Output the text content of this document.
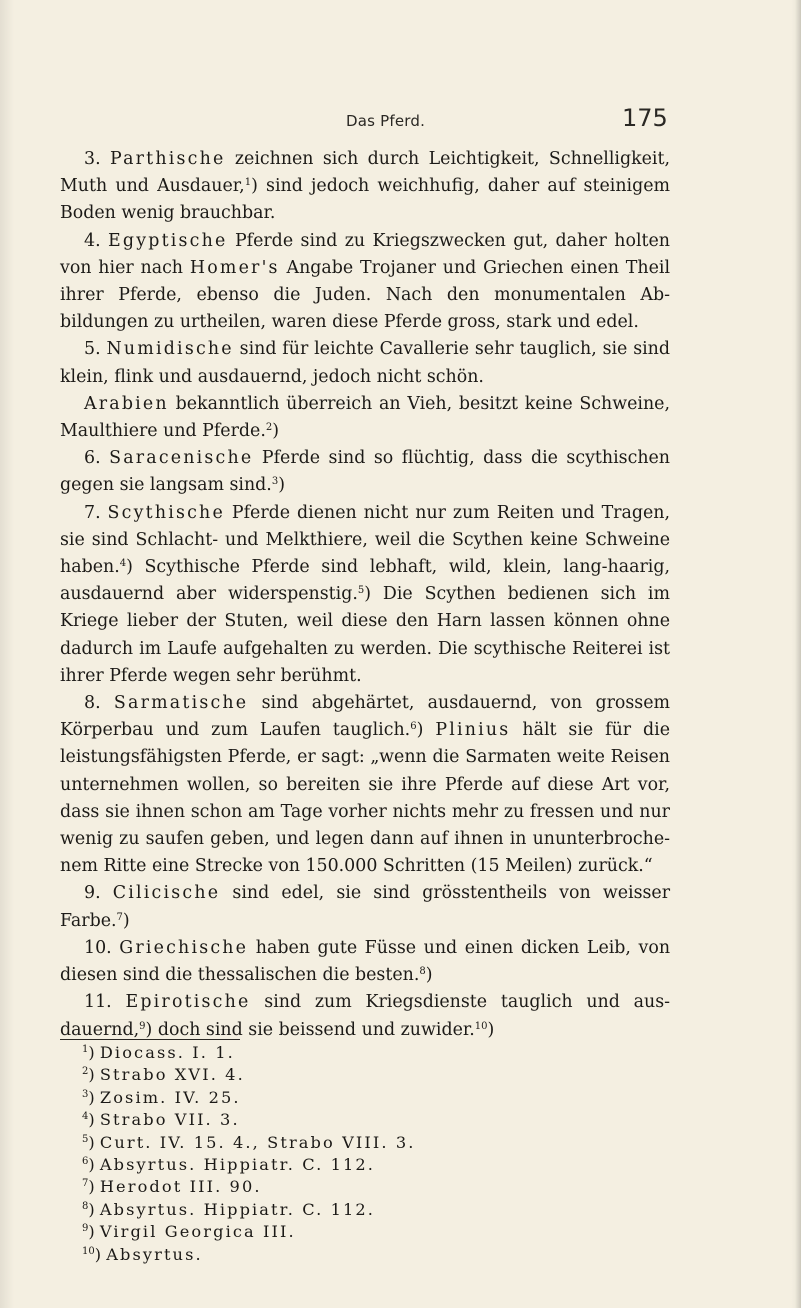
Das Pferd.	175

3. Parthische zeichnen sich durch Leichtigkeit, Schnelligkeit, Muth und Ausdauer,$^1$) sind jedoch weichhufig, daher auf steinigem Boden wenig brauchbar.

4. Egyptische Pferde sind zu Kriegszwecken gut, daher holten von hier nach Homer's Angabe Trojaner und Griechen einen Theil ihrer Pferde, ebenso die Juden. Nach den monumentalen Ab-bildungen zu urtheilen, waren diese Pferde gross, stark und edel.

5. Numidische sind für leichte Cavallerie sehr tauglich, sie sind klein, flink und ausdauernd, jedoch nicht schön.

Arabien bekanntlich überreich an Vieh, besitzt keine Schweine, Maulthiere und Pferde.$^2$)

6. Saracenische Pferde sind so flüchtig, dass die scythischen gegen sie langsam sind.$^3$)

7. Scythische Pferde dienen nicht nur zum Reiten und Tragen, sie sind Schlacht- und Melkthiere, weil die Scythen keine Schweine haben.$^4$) Scythische Pferde sind lebhaft, wild, klein, lang-haarig, ausdauernd aber widerspenstig.$^5$) Die Scythen bedienen sich im Kriege lieber der Stuten, weil diese den Harn lassen können ohne dadurch im Laufe aufgehalten zu werden. Die scythische Reiterei ist ihrer Pferde wegen sehr berühmt.

8. Sarmatische sind abgehärtet, ausdauernd, von grossem Körperbau und zum Laufen tauglich.$^6$) Plinius hält sie für die leistungsfähigsten Pferde, er sagt: „wenn die Sarmaten weite Reisen unternehmen wollen, so bereiten sie ihre Pferde auf diese Art vor, dass sie ihnen schon am Tage vorher nichts mehr zu fressen und nur wenig zu saufen geben, und legen dann auf ihnen in ununterbroche-nem Ritte eine Strecke von 150.000 Schritten (15 Meilen) zurück.“

9. Cilicische sind edel, sie sind grösstentheils von weisser Farbe.$^7$)

10. Griechische haben gute Füsse und einen dicken Leib, von diesen sind die thessalischen die besten.$^8$)

11. Epirotische sind zum Kriegsdienste tauglich und aus-dauernd,$^9$) doch sind sie beissend und zuwider.$^{10}$)

$^1$) Diocass. I. 1.
$^2$) Strabo XVI. 4.
$^3$) Zosim. IV. 25.
$^4$) Strabo VII. 3.
$^5$) Curt. IV. 15. 4., Strabo VIII. 3.
$^6$) Absyrtus. Hippiatr. C. 112.
$^7$) Herodot III. 90.
$^8$) Absyrtus. Hippiatr. C. 112.
$^9$) Virgil Georgica III.
$^{10}$) Absyrtus.
